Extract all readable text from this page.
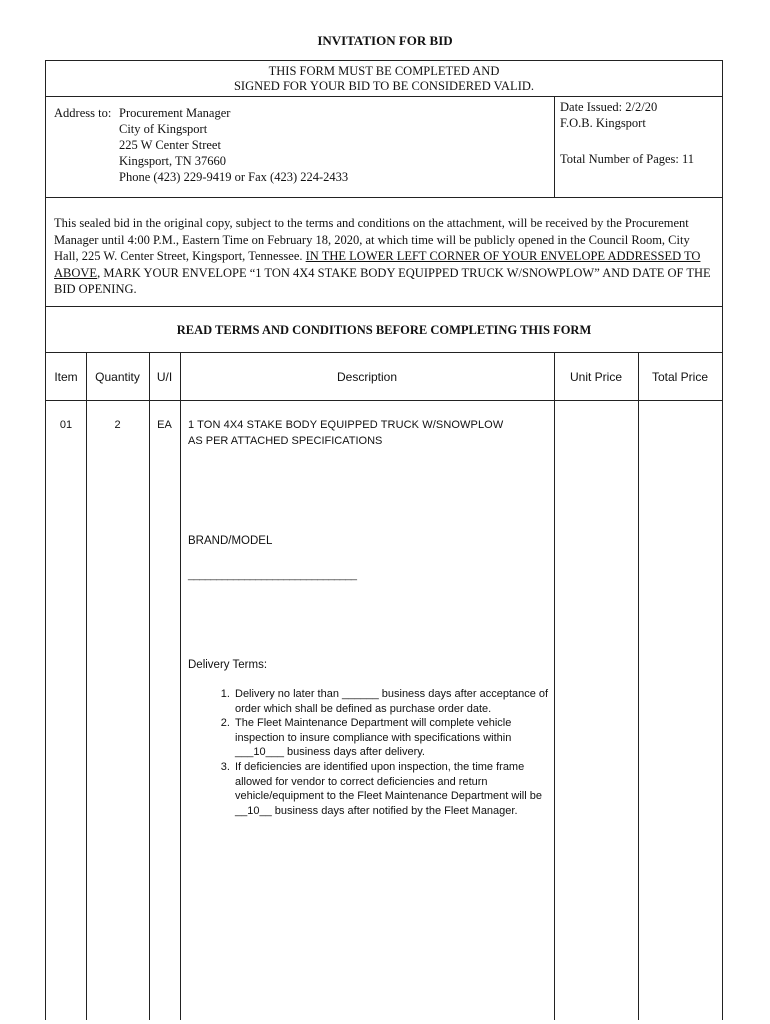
INVITATION FOR BID
THIS FORM MUST BE COMPLETED AND
SIGNED FOR YOUR BID TO BE CONSIDERED VALID.
Address to: Procurement Manager
City of Kingsport
225 W Center Street
Kingsport, TN 37660
Phone (423) 229-9419 or Fax (423) 224-2433
Date Issued: 2/2/20
F.O.B. Kingsport
Total Number of Pages: 11
This sealed bid in the original copy, subject to the terms and conditions on the attachment, will be received by the Procurement Manager until 4:00 P.M., Eastern Time on February 18, 2020, at which time will be publicly opened in the Council Room, City Hall, 225 W. Center Street, Kingsport, Tennessee. IN THE LOWER LEFT CORNER OF YOUR ENVELOPE ADDRESSED TO ABOVE, MARK YOUR ENVELOPE “1 TON 4X4 STAKE BODY EQUIPPED TRUCK W/SNOWPLOW” AND DATE OF THE BID OPENING.
READ TERMS AND CONDITIONS BEFORE COMPLETING THIS FORM
Item	Quantity	U/I	Description	Unit Price	Total Price
01	2	EA	1 TON 4X4 STAKE BODY EQUIPPED TRUCK W/SNOWPLOW
AS PER ATTACHED SPECIFICATIONS
BRAND/MODEL
______________________________
Delivery Terms:
1. Delivery no later than ______ business days after acceptance of order which shall be defined as purchase order date.
2. The Fleet Maintenance Department will complete vehicle inspection to insure compliance with specifications within ___10___ business days after delivery.
3. If deficiencies are identified upon inspection, the time frame allowed for vendor to correct deficiencies and return vehicle/equipment to the Fleet Maintenance Department will be __10__ business days after notified by the Fleet Manager.
